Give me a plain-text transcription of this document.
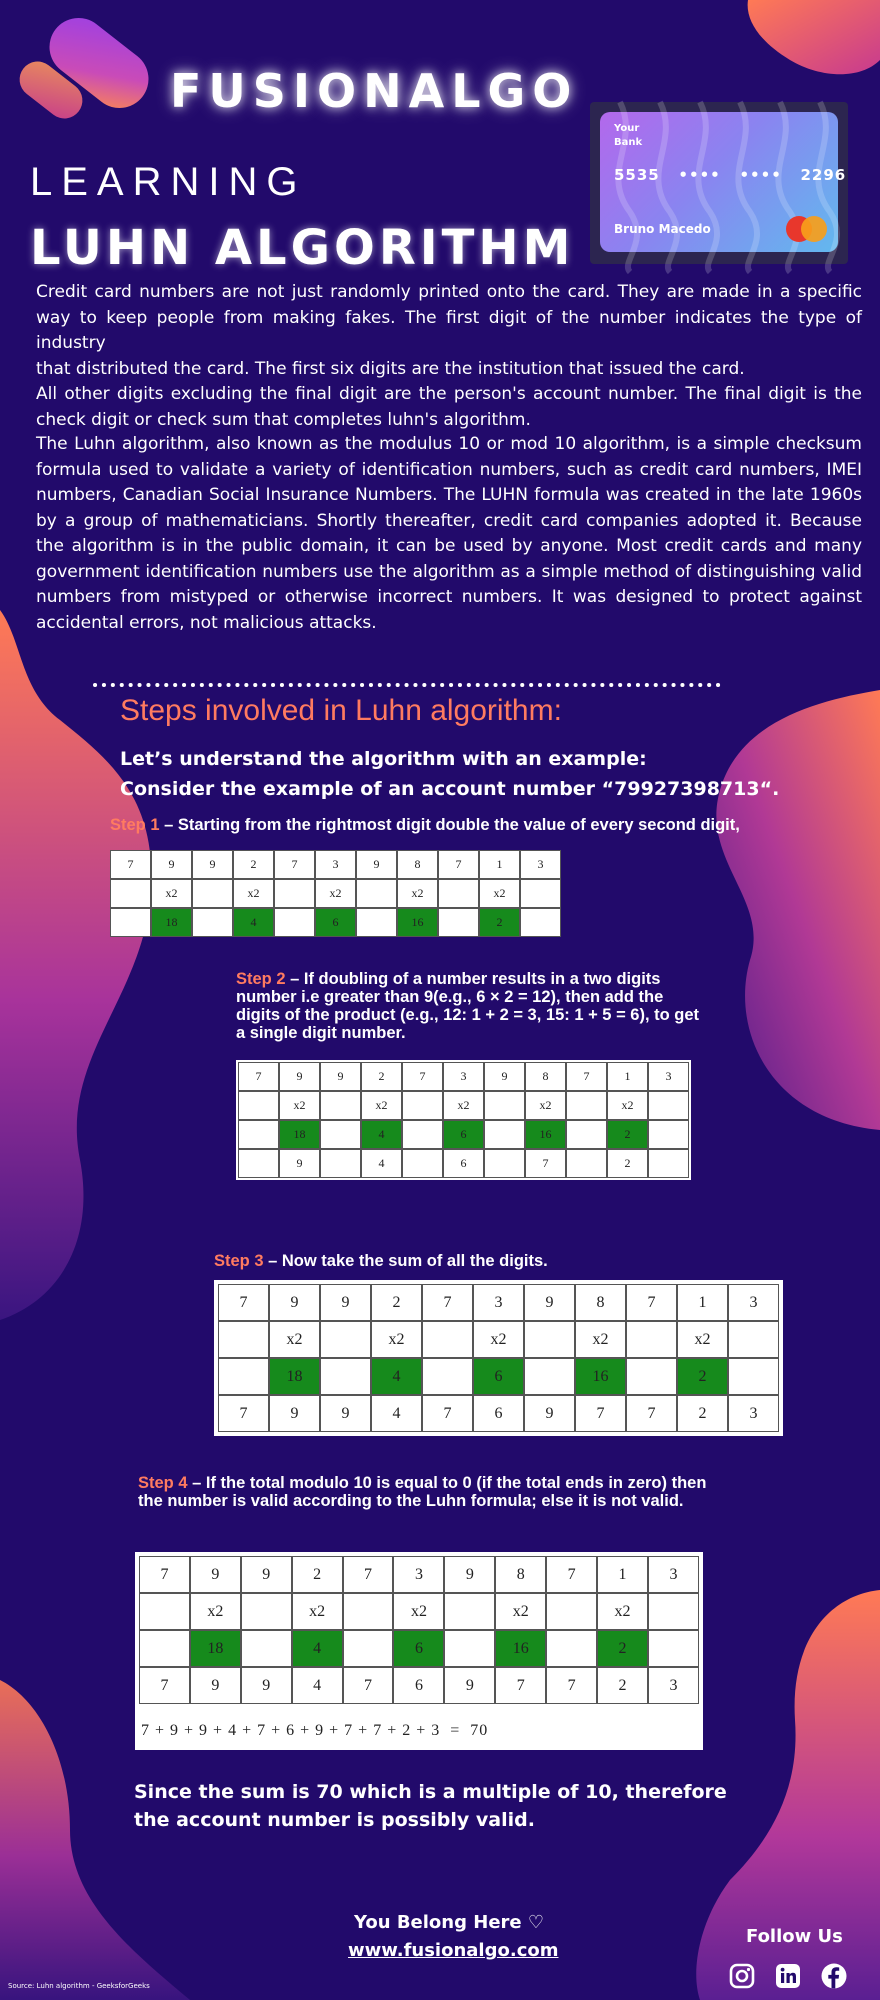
FUSIONALGO
LEARNING
LUHN ALGORITHM
Your Bank
5535 •••• •••• 2296
Bruno Macedo
Credit card numbers are not just randomly printed onto the card. They are made in a specific way to keep people from making fakes. The first digit of the number indicates the type of industry
that distributed the card. The first six digits are the institution that issued the card.
All other digits excluding the final digit are the person's account number. The final digit is the check digit or check sum that completes luhn's algorithm.
The Luhn algorithm, also known as the modulus 10 or mod 10 algorithm, is a simple checksum formula used to validate a variety of identification numbers, such as credit card numbers, IMEI numbers, Canadian Social Insurance Numbers. The LUHN formula was created in the late 1960s by a group of mathematicians. Shortly thereafter, credit card companies adopted it. Because the algorithm is in the public domain, it can be used by anyone. Most credit cards and many government identification numbers use the algorithm as a simple method of distinguishing valid numbers from mistyped or otherwise incorrect numbers. It was designed to protect against accidental errors, not malicious attacks.
Steps involved in Luhn algorithm:
Let’s understand the algorithm with an example:
Consider the example of an account number “79927398713“.
Step 1 – Starting from the rightmost digit double the value of every second digit,
7	9	9	2	7	3	9	8	7	1	3
	x2		x2		x2		x2		x2	
	18		4		6		16		2	
Step 2 – If doubling of a number results in a two digits number i.e greater than 9(e.g., 6 × 2 = 12), then add the digits of the product (e.g., 12: 1 + 2 = 3, 15: 1 + 5 = 6), to get a single digit number.
7	9	9	2	7	3	9	8	7	1	3
	x2		x2		x2		x2		x2	
	18		4		6		16		2	
	9		4		6		7		2	
Step 3 – Now take the sum of all the digits.
7	9	9	2	7	3	9	8	7	1	3
	x2		x2		x2		x2		x2	
	18		4		6		16		2	
7	9	9	4	7	6	9	7	7	2	3
Step 4 – If the total modulo 10 is equal to 0 (if the total ends in zero) then the number is valid according to the Luhn formula; else it is not valid.
7	9	9	2	7	3	9	8	7	1	3
	x2		x2		x2		x2		x2	
	18		4		6		16		2	
7	9	9	4	7	6	9	7	7	2	3
7 + 9 + 9 + 4 + 7 + 6 + 9 + 7 + 7 + 2 + 3  =  70
Since the sum is 70 which is a multiple of 10, therefore the account number is possibly valid.
You Belong Here ♡
www.fusionalgo.com
Follow Us
Source: Luhn algorithm - GeeksforGeeks
